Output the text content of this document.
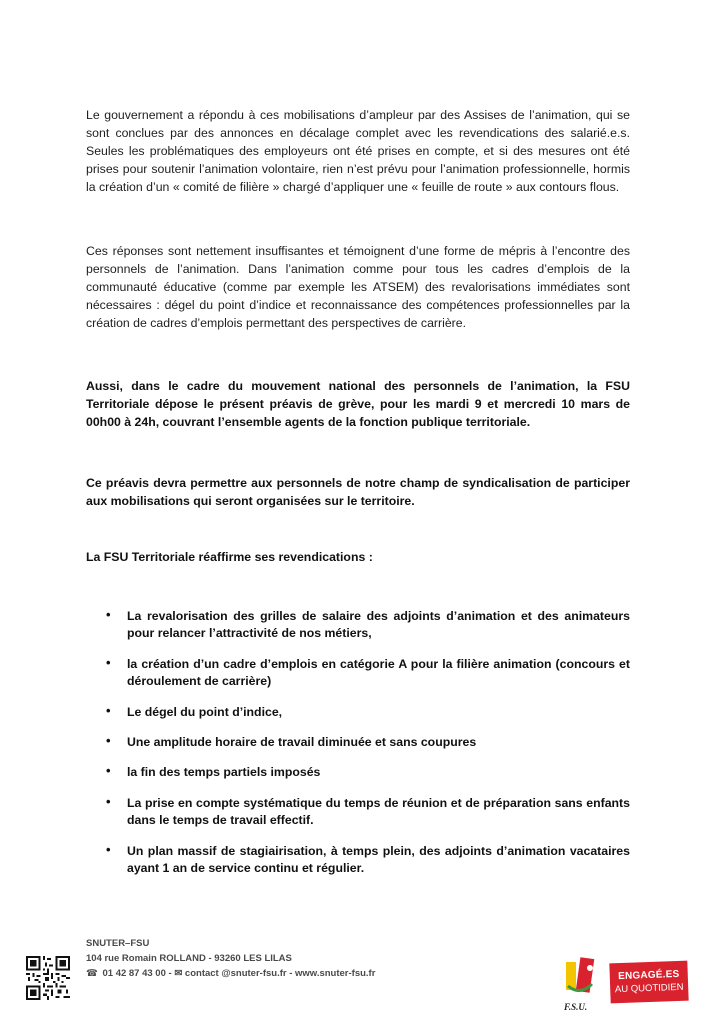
Le gouvernement a répondu à ces mobilisations d’ampleur par des Assises de l’animation, qui se sont conclues par des annonces en décalage complet avec les revendications des salarié.e.s. Seules les problématiques des employeurs ont été prises en compte, et si des mesures ont été prises pour soutenir l’animation volontaire, rien n’est prévu pour l’animation professionnelle, hormis la création d’un « comité de filière » chargé d’appliquer une « feuille de route » aux contours flous.

Ces réponses sont nettement insuffisantes et témoignent d’une forme de mépris à l’encontre des personnels de l’animation. Dans l’animation comme pour tous les cadres d’emplois de la communauté éducative (comme par exemple les ATSEM) des revalorisations immédiates sont nécessaires : dégel du point d’indice et reconnaissance des compétences professionnelles par la création de cadres d’emplois permettant des perspectives de carrière.

Aussi, dans le cadre du mouvement national des personnels de l’animation, la FSU Territoriale dépose le présent préavis de grève, pour les mardi 9 et mercredi 10 mars de 00h00 à 24h, couvrant l’ensemble agents de la fonction publique territoriale.

Ce préavis devra permettre aux personnels de notre champ de syndicalisation de participer aux mobilisations qui seront organisées sur le territoire.

La FSU Territoriale réaffirme ses revendications :

• La revalorisation des grilles de salaire des adjoints d’animation et des animateurs pour relancer l’attractivité de nos métiers,
• la création d’un cadre d’emplois en catégorie A pour la filière animation (concours et déroulement de carrière)
• Le dégel du point d’indice,
• Une amplitude horaire de travail diminuée et sans coupures
• la fin des temps partiels imposés
• La prise en compte systématique du temps de réunion et de préparation sans enfants dans le temps de travail effectif.
• Un plan massif de stagiairisation, à temps plein, des adjoints d’animation vacataires ayant 1 an de service continu et régulier.
SNUTER–FSU
104 rue Romain ROLLAND - 93260 LES LILAS
☎ 01 42 87 43 00 - ✉ contact @snuter-fsu.fr - www.snuter-fsu.fr
F.S.U.
ENGAGÉ.ES
AU QUOTIDIEN
